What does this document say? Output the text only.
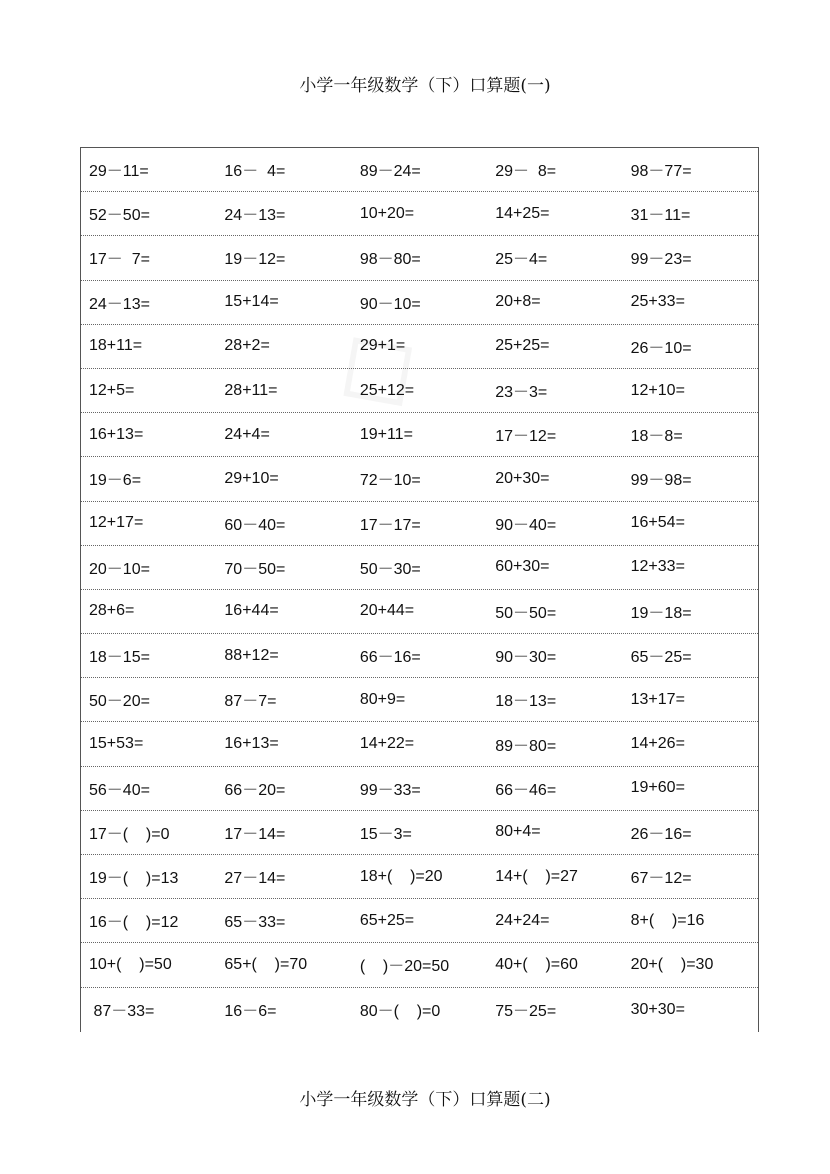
小学一年级数学（下）口算题(一)
29－11=	16－  4=	89－24=	29－  8=	98－77=
52－50=	24－13=	10+20=	14+25=	31－11=
17－  7=	19－12=	98－80=	25－4=	99－23=
24－13=	15+14=	90－10=	20+8=	25+33=
18+11=	28+2=	29+1=	25+25=	26－10=
12+5=	28+11=	25+12=	23－3=	12+10=
16+13=	24+4=	19+11=	17－12=	18－8=
19－6=	29+10=	72－10=	20+30=	99－98=
12+17=	60－40=	17－17=	90－40=	16+54=
20－10=	70－50=	50－30=	60+30=	12+33=
28+6=	16+44=	20+44=	50－50=	19－18=
18－15=	88+12=	66－16=	90－30=	65－25=
50－20=	87－7=	80+9=	18－13=	13+17=
15+53=	16+13=	14+22=	89－80=	14+26=
56－40=	66－20=	99－33=	66－46=	19+60=
17－(    )=0	17－14=	15－3=	80+4=	26－16=
19－(    )=13	27－14=	18+(    )=20	14+(    )=27	67－12=
16－(    )=12	65－33=	65+25=	24+24=	8+(    )=16
10+(    )=50	65+(    )=70	(    )－20=50	40+(    )=60	20+(    )=30
87－33=	16－6=	80－(    )=0	75－25=	30+30=
小学一年级数学（下）口算题(二)
